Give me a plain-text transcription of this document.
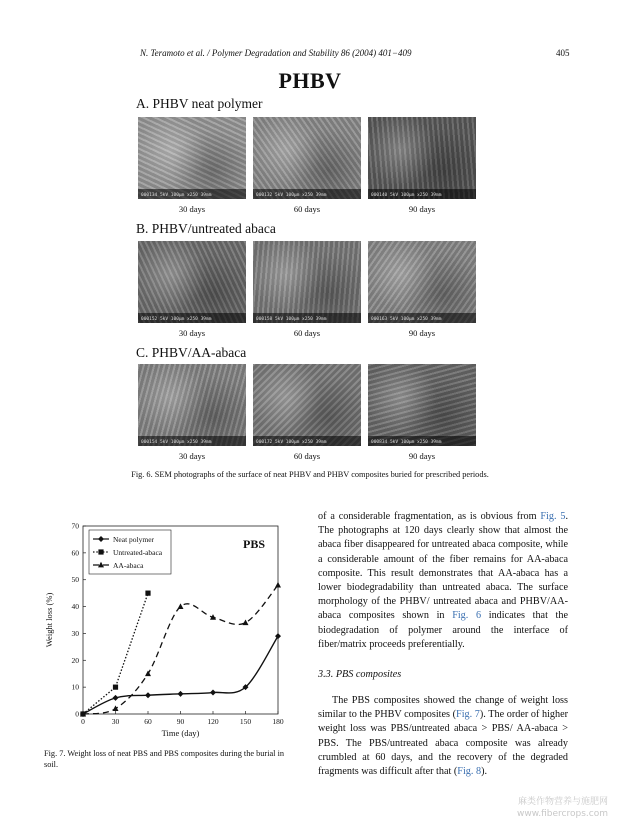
N. Teramoto et al. / Polymer Degradation and Stability 86 (2004) 401−409	405
PHBV
A. PHBV neat polymer
000134 5kV 100µm x250 39mm
30 days
000132 5kV 100µm x250 39mm
60 days
000140 5kV 100µm x250 39mm
90 days
B. PHBV/untreated abaca
000152 5kV 100µm x250 39mm
30 days
000158 5kV 100µm x250 39mm
60 days
000163 5kV 100µm x250 39mm
90 days
C. PHBV/AA-abaca
000154 5kV 100µm x250 39mm
30 days
000172 5kV 100µm x250 39mm
60 days
000834 5kV 100µm x250 39mm
90 days
Fig. 6. SEM photographs of the surface of neat PHBV and PHBV composites buried for prescribed periods.
0	30	60	90	120	150	180
0
10
20
30
40
50
60
70
Time (day)
Weight loss (%)
PBS
Neat polymer
Untreated-abaca
AA-abaca
Fig. 7. Weight loss of neat PBS and PBS composites during the burial in soil.

of a considerable fragmentation, as is obvious from Fig. 5. The photographs at 120 days clearly show that almost the abaca fiber disappeared for untreated abaca composite, while a considerable amount of the fiber remains for AA-abaca composite. This result demonstrates that AA-abaca has a lower biodegradability than untreated abaca. The surface morphology of the PHBV/ untreated abaca and PHBV/AA-abaca composites shown in Fig. 6 indicates that the biodegradation of polymer around the interface of fiber/matrix proceeds preferentially.

3.3. PBS composites

The PBS composites showed the change of weight loss similar to the PHBV composites (Fig. 7). The order of higher weight loss was PBS/untreated abaca > PBS/ AA-abaca > PBS. The PBS/untreated abaca composite was already crumbled at 60 days, and the recovery of the degraded fragments was difficult after that (Fig. 8).

麻类作物营养与施肥网
www.fibercrops.com
